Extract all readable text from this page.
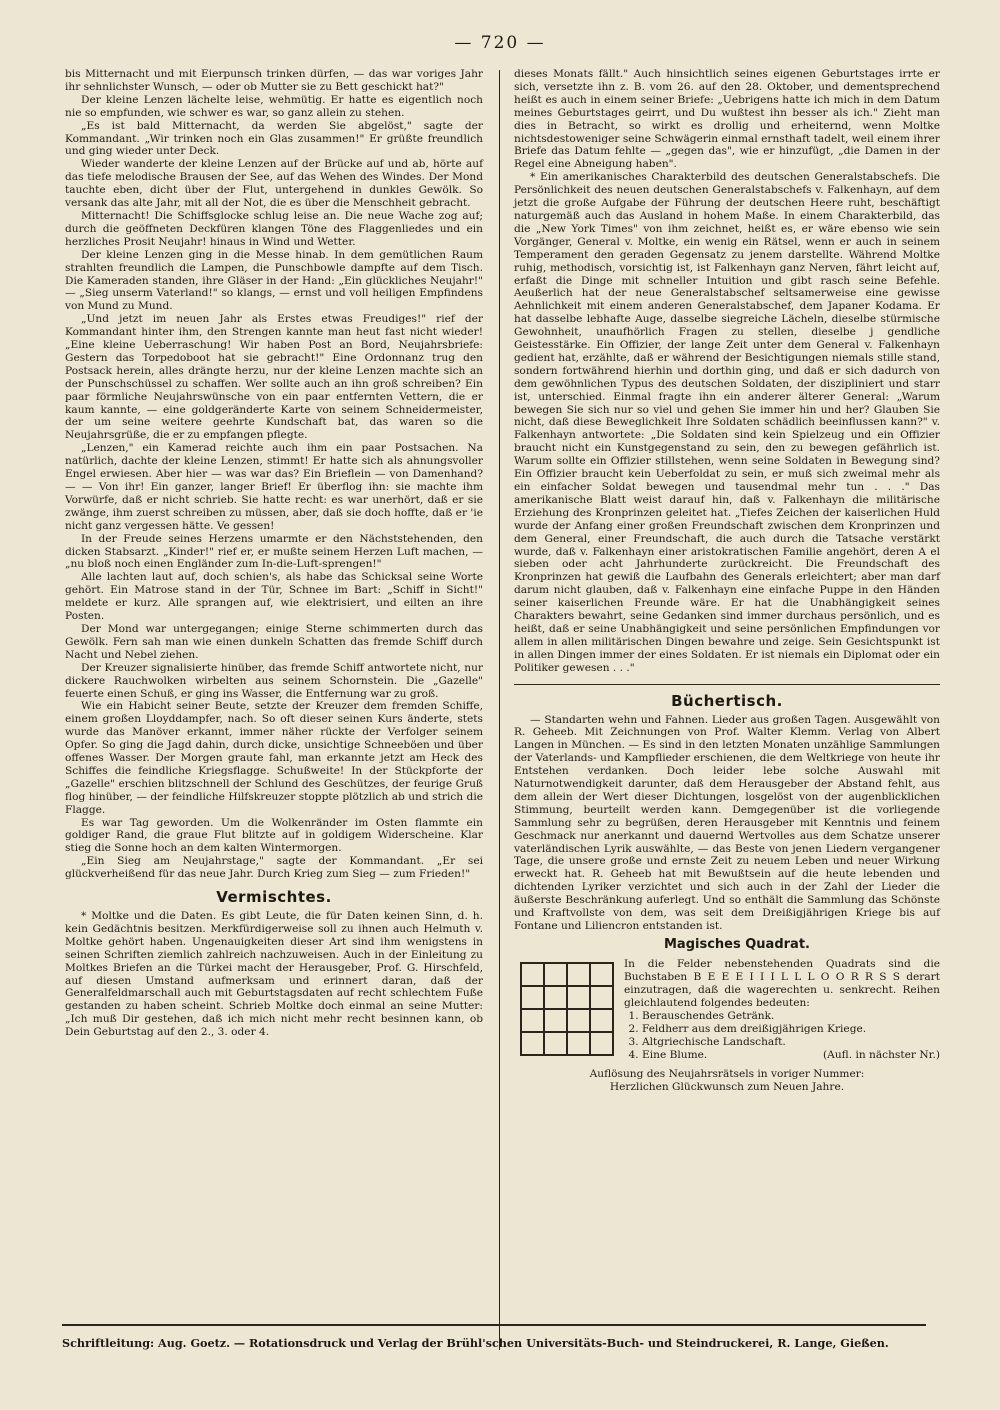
— 720 —

bis Mitternacht und mit Eierpunsch trinken dürfen, — das war voriges Jahr ihr sehnlichster Wunsch, — oder ob Mutter sie zu Bett geschickt hat?"

Der kleine Lenzen lächelte leise, wehmütig. Er hatte es eigentlich noch nie so empfunden, wie schwer es war, so ganz allein zu stehen.

„Es ist bald Mitternacht, da werden Sie abgelöst," sagte der Kommandant. „Wir trinken noch ein Glas zusammen!" Er grüßte freundlich und ging wieder unter Deck.

Wieder wanderte der kleine Lenzen auf der Brücke auf und ab, hörte auf das tiefe melodische Brausen der See, auf das Wehen des Windes. Der Mond tauchte eben, dicht über der Flut, untergehend in dunkles Gewölk. So versank das alte Jahr, mit all der Not, die es über die Menschheit gebracht.

Mitternacht! Die Schiffsglocke schlug leise an. Die neue Wache zog auf; durch die geöffneten Deckfüren klangen Töne des Flaggenliedes und ein herzliches Prosit Neujahr! hinaus in Wind und Wetter.

Der kleine Lenzen ging in die Messe hinab. In dem gemütlichen Raum strahlten freundlich die Lampen, die Punschbowle dampfte auf dem Tisch. Die Kameraden standen, ihre Gläser in der Hand: „Ein glückliches Neujahr!" — „Sieg unserm Vaterland!" so klangs, — ernst und voll heiligen Empfindens von Mund zu Mund.

„Und jetzt im neuen Jahr als Erstes etwas Freudiges!" rief der Kommandant hinter ihm, den Strengen kannte man heut fast nicht wieder! „Eine kleine Ueberraschung! Wir haben Post an Bord, Neujahrsbriefe: Gestern das Torpedoboot hat sie gebracht!" Eine Ordonnanz trug den Postsack herein, alles drängte herzu, nur der kleine Lenzen machte sich an der Punschschüssel zu schaffen. Wer sollte auch an ihn groß schreiben? Ein paar förmliche Neujahrswünsche von ein paar entfernten Vettern, die er kaum kannte, — eine goldgeränderte Karte von seinem Schneidermeister, der um seine weitere geehrte Kundschaft bat, das waren so die Neujahrsgrüße, die er zu empfangen pflegte.

„Lenzen," ein Kamerad reichte auch ihm ein paar Postsachen. Na natürlich, dachte der kleine Lenzen, stimmt! Er hatte sich als ahnungsvoller Engel erwiesen. Aber hier — was war das? Ein Brieflein — von Damenhand? — — Von ihr! Ein ganzer, langer Brief! Er überflog ihn: sie machte ihm Vorwürfe, daß er nicht schrieb. Sie hatte recht: es war unerhört, daß er sie zwänge, ihm zuerst schreiben zu müssen, aber, daß sie doch hoffte, daß er 'ie nicht ganz vergessen hätte. Ve gessen!

In der Freude seines Herzens umarmte er den Nächststehenden, den dicken Stabsarzt. „Kinder!" rief er, er mußte seinem Herzen Luft machen, — „nu bloß noch einen Engländer zum In-die-Luft-sprengen!"

Alle lachten laut auf, doch schien's, als habe das Schicksal seine Worte gehört. Ein Matrose stand in der Tür, Schnee im Bart: „Schiff in Sicht!" meldete er kurz. Alle sprangen auf, wie elektrisiert, und eilten an ihre Posten.

Der Mond war untergegangen; einige Sterne schimmerten durch das Gewölk. Fern sah man wie einen dunkeln Schatten das fremde Schiff durch Nacht und Nebel ziehen.

Der Kreuzer signalisierte hinüber, das fremde Schiff antwortete nicht, nur dickere Rauchwolken wirbelten aus seinem Schornstein. Die „Gazelle" feuerte einen Schuß, er ging ins Wasser, die Entfernung war zu groß.

Wie ein Habicht seiner Beute, setzte der Kreuzer dem fremden Schiffe, einem großen Lloyddampfer, nach. So oft dieser seinen Kurs änderte, stets wurde das Manöver erkannt, immer näher rückte der Verfolger seinem Opfer. So ging die Jagd dahin, durch dicke, unsichtige Schneeböen und über offenes Wasser. Der Morgen graute fahl, man erkannte jetzt am Heck des Schiffes die feindliche Kriegsflagge. Schußweite! In der Stückpforte der „Gazelle" erschien blitzschnell der Schlund des Geschützes, der feurige Gruß flog hinüber, — der feindliche Hilfskreuzer stoppte plötzlich ab und strich die Flagge.

Es war Tag geworden. Um die Wolkenränder im Osten flammte ein goldiger Rand, die graue Flut blitzte auf in goldigem Widerscheine. Klar stieg die Sonne hoch an dem kalten Wintermorgen.

„Ein Sieg am Neujahrstage," sagte der Kommandant. „Er sei glückverheißend für das neue Jahr. Durch Krieg zum Sieg — zum Frieden!"

Vermischtes.

* Moltke und die Daten. Es gibt Leute, die für Daten keinen Sinn, d. h. kein Gedächtnis besitzen. Merkfürdigerweise soll zu ihnen auch Helmuth v. Moltke gehört haben. Ungenauigkeiten dieser Art sind ihm wenigstens in seinen Schriften ziemlich zahlreich nachzuweisen. Auch in der Einleitung zu Moltkes Briefen an die Türkei macht der Herausgeber, Prof. G. Hirschfeld, auf diesen Umstand aufmerksam und erinnert daran, daß der Generalfeldmarschall auch mit Geburtstagsdaten auf recht schlechtem Fuße gestanden zu haben scheint. Schrieb Moltke doch einmal an seine Mutter: „Ich muß Dir gestehen, daß ich mich nicht mehr recht besinnen kann, ob Dein Geburtstag auf den 2., 3. oder 4.

dieses Monats fällt." Auch hinsichtlich seines eigenen Geburtstages irrte er sich, versetzte ihn z. B. vom 26. auf den 28. Oktober, und dementsprechend heißt es auch in einem seiner Briefe: „Uebrigens hatte ich mich in dem Datum meines Geburtstages geirrt, und Du wußtest ihn besser als ich." Zieht man dies in Betracht, so wirkt es drollig und erheiternd, wenn Moltke nichtsdestoweniger seine Schwägerin einmal ernsthaft tadelt, weil einem ihrer Briefe das Datum fehlte — „gegen das", wie er hinzufügt, „die Damen in der Regel eine Abneigung haben".

* Ein amerikanisches Charakterbild des deutschen Generalstabschefs. Die Persönlichkeit des neuen deutschen Generalstabschefs v. Falkenhayn, auf dem jetzt die große Aufgabe der Führung der deutschen Heere ruht, beschäftigt naturgemäß auch das Ausland in hohem Maße. In einem Charakterbild, das die „New York Times" von ihm zeichnet, heißt es, er wäre ebenso wie sein Vorgänger, General v. Moltke, ein wenig ein Rätsel, wenn er auch in seinem Temperament den geraden Gegensatz zu jenem darstellte. Während Moltke ruhig, methodisch, vorsichtig ist, ist Falkenhayn ganz Nerven, fährt leicht auf, erfaßt die Dinge mit schneller Intuition und gibt rasch seine Befehle. Aeußerlich hat der neue Generalstabschef seltsamerweise eine gewisse Aehnlichkeit mit einem anderen Generalstabschef, dem Japaner Kodama. Er hat dasselbe lebhafte Auge, dasselbe siegreiche Lächeln, dieselbe stürmische Gewohnheit, unaufhörlich Fragen zu stellen, dieselbe j gendliche Geistesstärke. Ein Offizier, der lange Zeit unter dem General v. Falkenhayn gedient hat, erzählte, daß er während der Besichtigungen niemals stille stand, sondern fortwährend hierhin und dorthin ging, und daß er sich dadurch von dem gewöhnlichen Typus des deutschen Soldaten, der diszipliniert und starr ist, unterschied. Einmal fragte ihn ein anderer älterer General: „Warum bewegen Sie sich nur so viel und gehen Sie immer hin und her? Glauben Sie nicht, daß diese Beweglichkeit Ihre Soldaten schädlich beeinflussen kann?" v. Falkenhayn antwortete: „Die Soldaten sind kein Spielzeug und ein Offizier braucht nicht ein Kunstgegenstand zu sein, den zu bewegen gefährlich ist. Warum sollte ein Offizier stillstehen, wenn seine Soldaten in Bewegung sind? Ein Offizier braucht kein Ueberfoldat zu sein, er muß sich zweimal mehr als ein einfacher Soldat bewegen und tausendmal mehr tun . . ." Das amerikanische Blatt weist darauf hin, daß v. Falkenhayn die militärische Erziehung des Kronprinzen geleitet hat. „Tiefes Zeichen der kaiserlichen Huld wurde der Anfang einer großen Freundschaft zwischen dem Kronprinzen und dem General, einer Freundschaft, die auch durch die Tatsache verstärkt wurde, daß v. Falkenhayn einer aristokratischen Familie angehört, deren A el sieben oder acht Jahrhunderte zurückreicht. Die Freundschaft des Kronprinzen hat gewiß die Laufbahn des Generals erleichtert; aber man darf darum nicht glauben, daß v. Falkenhayn eine einfache Puppe in den Händen seiner kaiserlichen Freunde wäre. Er hat die Unabhängigkeit seines Charakters bewahrt, seine Gedanken sind immer durchaus persönlich, und es heißt, daß er seine Unabhängigkeit und seine persönlichen Empfindungen vor allem in allen militärischen Dingen bewahre und zeige. Sein Gesichtspunkt ist in allen Dingen immer der eines Soldaten. Er ist niemals ein Diplomat oder ein Politiker gewesen . . ."

Büchertisch.

— Standarten wehn und Fahnen. Lieder aus großen Tagen. Ausgewählt von R. Geheeb. Mit Zeichnungen von Prof. Walter Klemm. Verlag von Albert Langen in München. — Es sind in den letzten Monaten unzählige Sammlungen der Vaterlands- und Kampflieder erschienen, die dem Weltkriege von heute ihr Entstehen verdanken. Doch leider lebe solche Auswahl mit Naturnotwendigkeit darunter, daß dem Herausgeber der Abstand fehlt, aus dem allein der Wert dieser Dichtungen, losgelöst von der augenblicklichen Stimmung, beurteilt werden kann. Demgegenüber ist die vorliegende Sammlung sehr zu begrüßen, deren Herausgeber mit Kenntnis und feinem Geschmack nur anerkannt und dauernd Wertvolles aus dem Schatze unserer vaterländischen Lyrik auswählte, — das Beste von jenen Liedern vergangener Tage, die unsere große und ernste Zeit zu neuem Leben und neuer Wirkung erweckt hat. R. Geheeb hat mit Bewußtsein auf die heute lebenden und dichtenden Lyriker verzichtet und sich auch in der Zahl der Lieder die äußerste Beschränkung auferlegt. Und so enthält die Sammlung das Schönste und Kraftvollste von dem, was seit dem Dreißigjährigen Kriege bis auf Fontane und Liliencron entstanden ist.

Magisches Quadrat.

In die Felder nebenstehenden Quadrats sind die Buchstaben B E E E I I I L L L O O R R S S derart einzutragen, daß die wagerechten u. senkrecht. Reihen gleichlautend folgendes bedeuten:

1. Berauschendes Getränk.
2. Feldherr aus dem dreißigjährigen Kriege.
3. Altgriechische Landschaft.
4. Eine Blume.	(Aufl. in nächster Nr.)

Auflösung des Neujahrsrätsels in voriger Nummer:

Herzlichen Glückwunsch zum Neuen Jahre.

Schriftleitung: Aug. Goetz. — Rotationsdruck und Verlag der Brühl'schen Universitäts-Buch- und Steindruckerei, R. Lange, Gießen.
